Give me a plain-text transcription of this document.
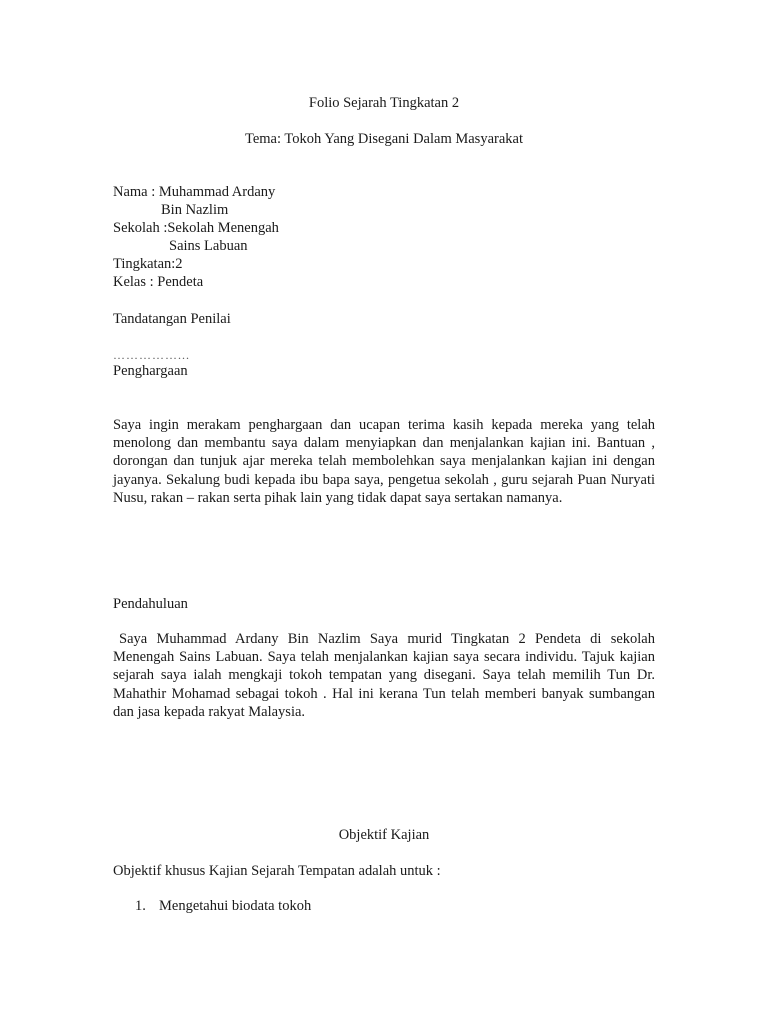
Folio Sejarah Tingkatan 2
Tema: Tokoh Yang Disegani Dalam Masyarakat
Nama : Muhammad Ardany
Bin Nazlim
Sekolah :Sekolah Menengah
Sains Labuan
Tingkatan:2
Kelas : Pendeta
Tandatangan Penilai
……………...
Penghargaan
Saya ingin merakam penghargaan dan ucapan terima kasih kepada mereka yang telah menolong dan membantu saya dalam menyiapkan dan menjalankan kajian ini. Bantuan , dorongan dan tunjuk ajar mereka telah membolehkan saya menjalankan kajian ini dengan jayanya. Sekalung budi kepada ibu bapa saya, pengetua sekolah , guru sejarah Puan Nuryati Nusu, rakan – rakan serta pihak lain yang tidak dapat saya sertakan namanya.
Pendahuluan
Saya Muhammad Ardany Bin Nazlim Saya murid Tingkatan 2 Pendeta di sekolah Menengah Sains Labuan. Saya telah menjalankan kajian saya secara individu. Tajuk kajian sejarah saya ialah mengkaji tokoh tempatan yang disegani. Saya telah memilih Tun Dr. Mahathir Mohamad sebagai tokoh . Hal ini kerana Tun telah memberi banyak sumbangan dan jasa kepada rakyat Malaysia.
Objektif Kajian
Objektif khusus Kajian Sejarah Tempatan adalah untuk :
1. Mengetahui biodata tokoh
